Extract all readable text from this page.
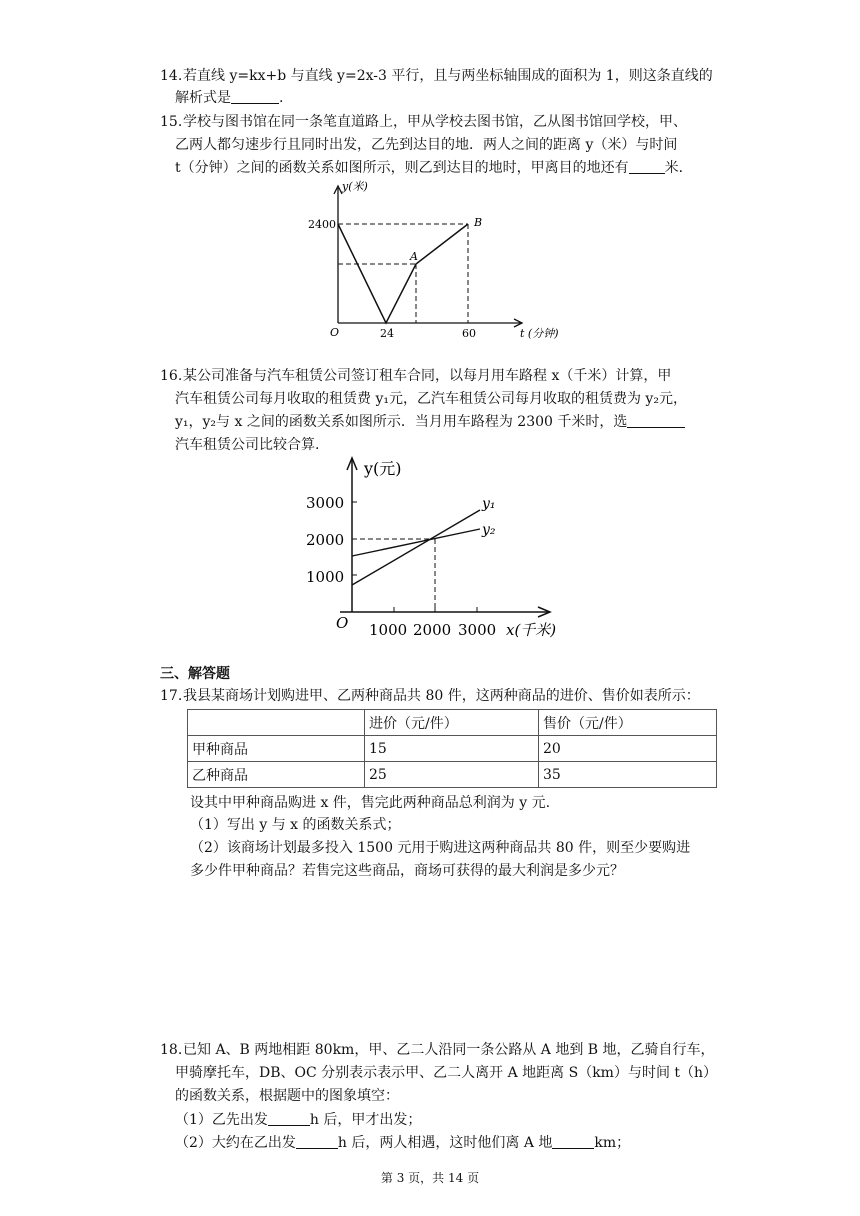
14. 若直线 y=kx+b 与直线 y=2x-3 平行，且与两坐标轴围成的面积为 1，则这条直线的
解析式是	.
15. 学校与图书馆在同一条笔直道路上，甲从学校去图书馆，乙从图书馆回学校，甲、
乙两人都匀速步行且同时出发，乙先到达目的地．两人之间的距离 y（米）与时间
t（分钟）之间的函数关系如图所示，则乙到达目的地时，甲离目的地还有	米．
y(米)
2400
O	24	60	t (分钟)
A
B
16. 某公司准备与汽车租赁公司签订租车合同，以每月用车路程 x（千米）计算，甲
汽车租赁公司每月收取的租赁费 y₁元，乙汽车租赁公司每月收取的租赁费为 y₂元，
y₁，y₂与 x 之间的函数关系如图所示．当月用车路程为 2300 千米时，选
汽车租赁公司比较合算.
y(元)
3000
2000
1000
O 1000 2000 3000 x(千米)
y₁
y₂
三、解答题
17. 我县某商场计划购进甲、乙两种商品共 80 件，这两种商品的进价、售价如表所示：
	进价（元/件）	售价（元/件）
甲种商品	15	20
乙种商品	25	35
设其中甲种商品购进 x 件，售完此两种商品总利润为 y 元.
（1）写出 y 与 x 的函数关系式；
（2）该商场计划最多投入 1500 元用于购进这两种商品共 80 件，则至少要购进
多少件甲种商品？若售完这些商品，商场可获得的最大利润是多少元？
18. 已知 A、B 两地相距 80km，甲、乙二人沿同一条公路从 A 地到 B 地，乙骑自行车，
甲骑摩托车，DB、OC 分别表示表示甲、乙二人离开 A 地距离 S（km）与时间 t（h）
的函数关系，根据题中的图象填空：
（1）乙先出发	h 后，甲才出发；
（2）大约在乙出发	h 后，两人相遇，这时他们离 A 地	km；
第 3 页，共 14 页
